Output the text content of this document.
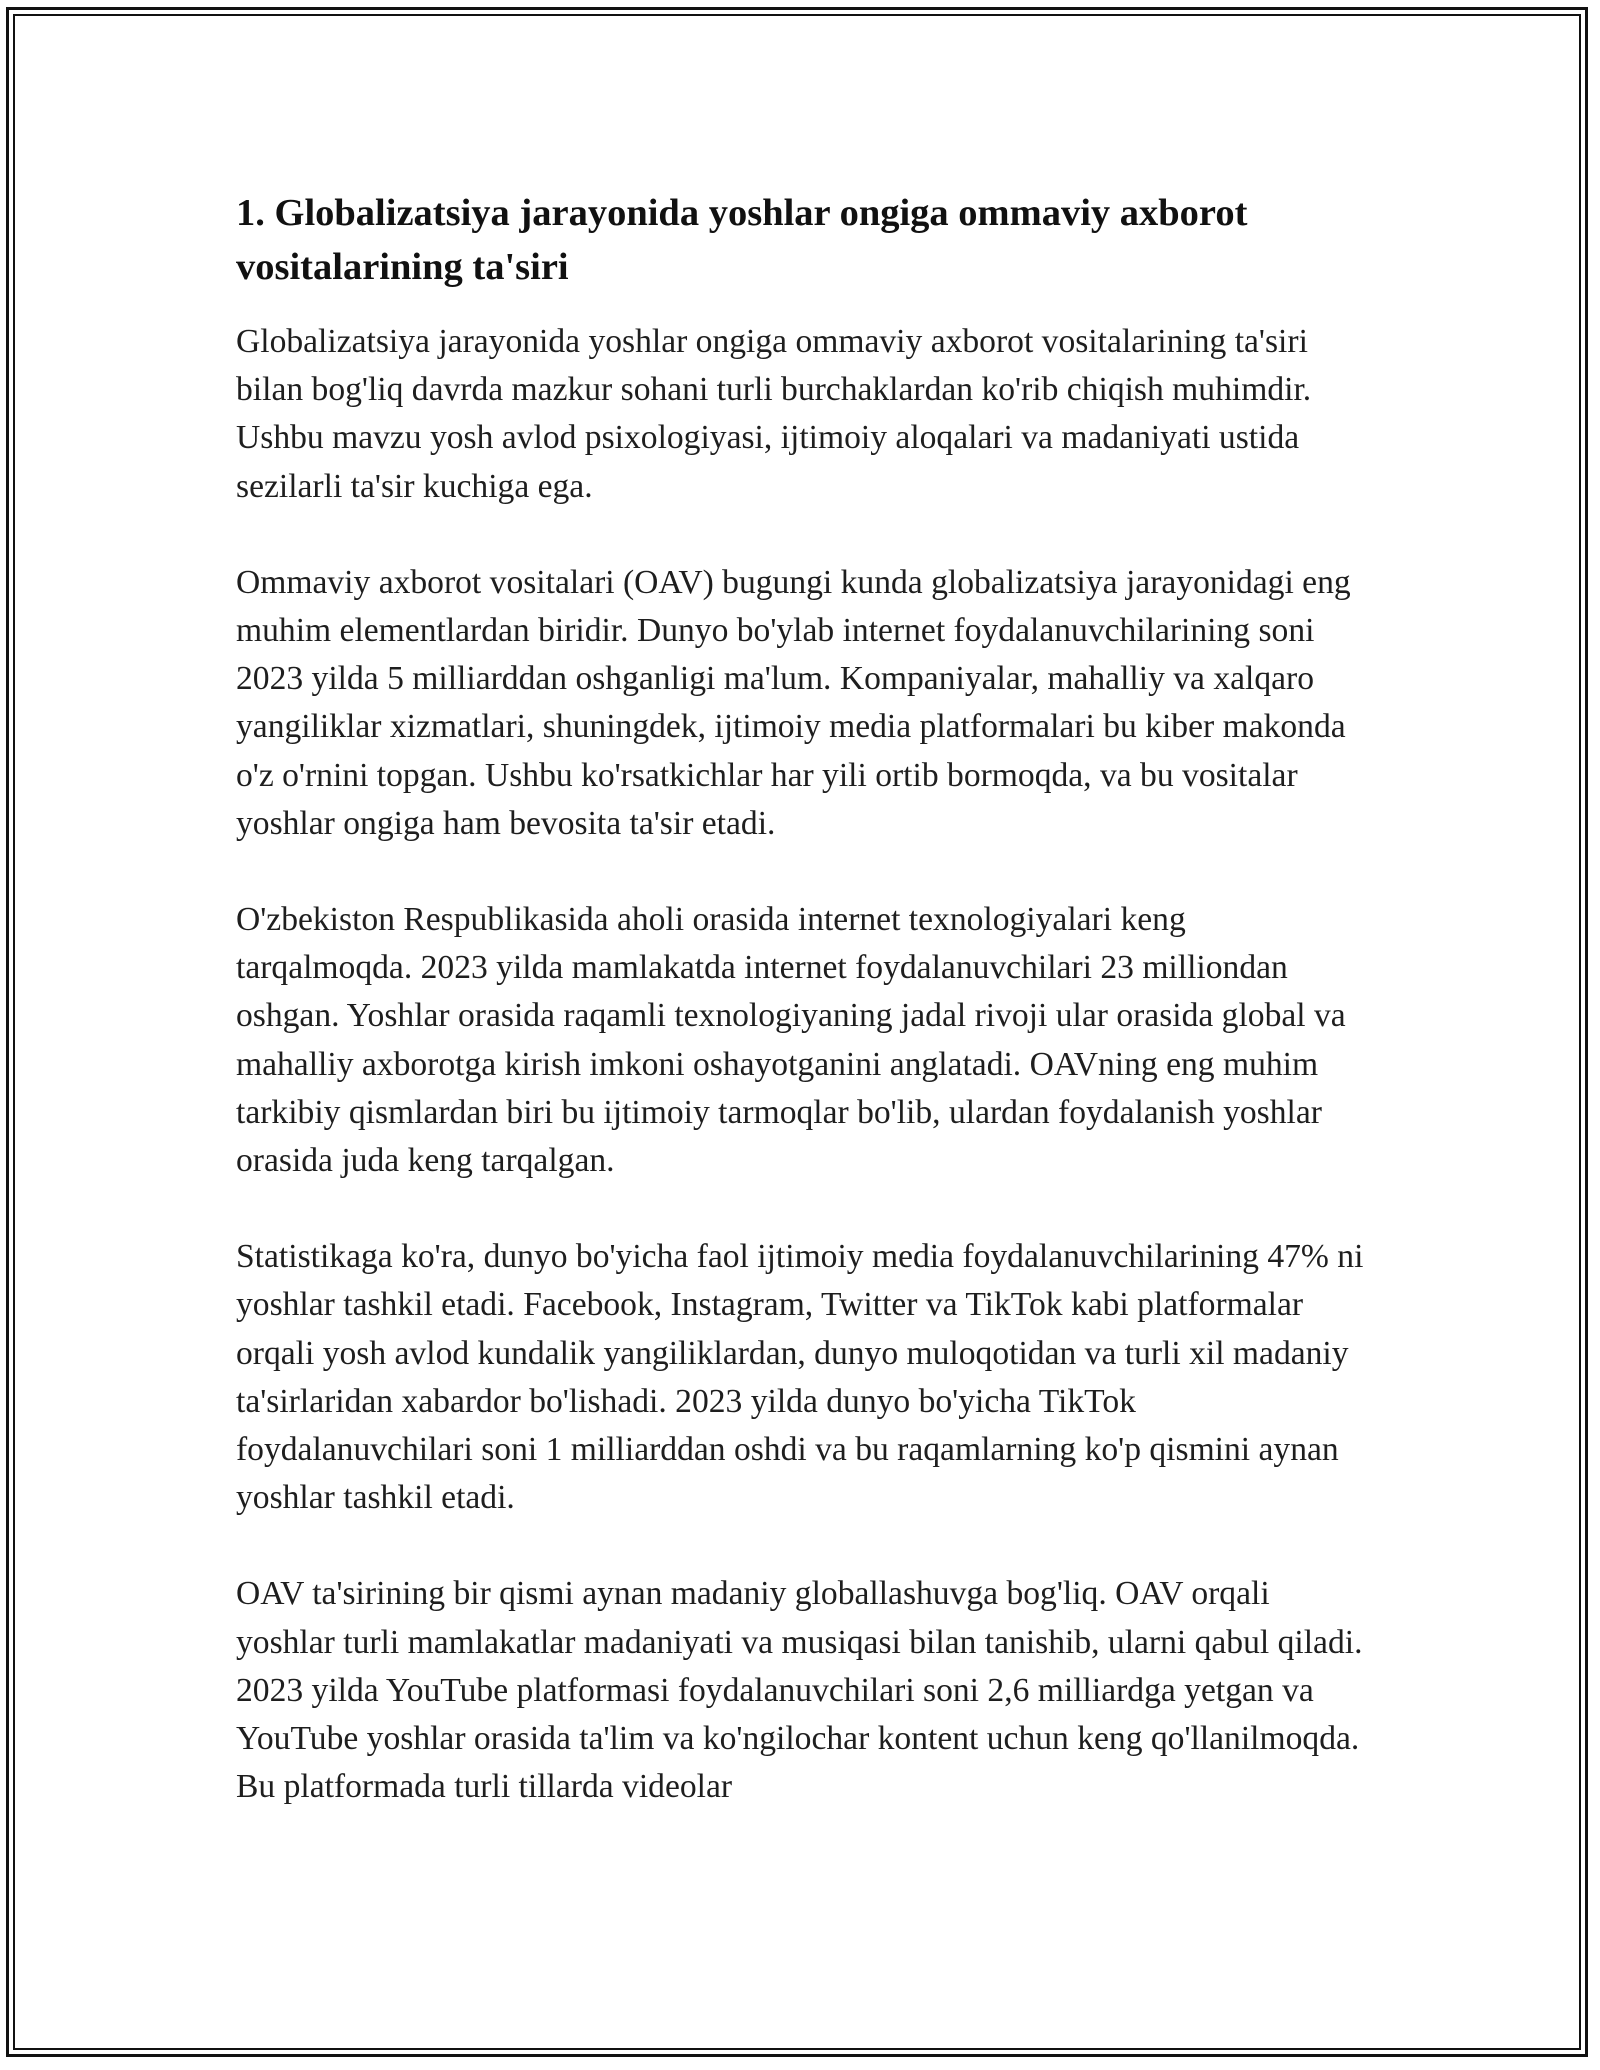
1. Globalizatsiya jarayonida yoshlar ongiga ommaviy axborot vositalarining ta'siri

Globalizatsiya jarayonida yoshlar ongiga ommaviy axborot vositalarining ta'siri bilan bog'liq davrda mazkur sohani turli burchaklardan ko'rib chiqish muhimdir. Ushbu mavzu yosh avlod psixologiyasi, ijtimoiy aloqalari va madaniyati ustida sezilarli ta'sir kuchiga ega.

Ommaviy axborot vositalari (OAV) bugungi kunda globalizatsiya jarayonidagi eng muhim elementlardan biridir. Dunyo bo'ylab internet foydalanuvchilarining soni 2023 yilda 5 milliarddan oshganligi ma'lum. Kompaniyalar, mahalliy va xalqaro yangiliklar xizmatlari, shuningdek, ijtimoiy media platformalari bu kiber makonda o'z o'rnini topgan. Ushbu ko'rsatkichlar har yili ortib bormoqda, va bu vositalar yoshlar ongiga ham bevosita ta'sir etadi.

O'zbekiston Respublikasida aholi orasida internet texnologiyalari keng tarqalmoqda. 2023 yilda mamlakatda internet foydalanuvchilari 23 milliondan oshgan. Yoshlar orasida raqamli texnologiyaning jadal rivoji ular orasida global va mahalliy axborotga kirish imkoni oshayotganini anglatadi. OAVning eng muhim tarkibiy qismlardan biri bu ijtimoiy tarmoqlar bo'lib, ulardan foydalanish yoshlar orasida juda keng tarqalgan.

Statistikaga ko'ra, dunyo bo'yicha faol ijtimoiy media foydalanuvchilarining 47% ni yoshlar tashkil etadi. Facebook, Instagram, Twitter va TikTok kabi platformalar orqali yosh avlod kundalik yangiliklardan, dunyo muloqotidan va turli xil madaniy ta'sirlaridan xabardor bo'lishadi. 2023 yilda dunyo bo'yicha TikTok foydalanuvchilari soni 1 milliarddan oshdi va bu raqamlarning ko'p qismini aynan yoshlar tashkil etadi.

OAV ta'sirining bir qismi aynan madaniy globallashuvga bog'liq. OAV orqali yoshlar turli mamlakatlar madaniyati va musiqasi bilan tanishib, ularni qabul qiladi. 2023 yilda YouTube platformasi foydalanuvchilari soni 2,6 milliardga yetgan va YouTube yoshlar orasida ta'lim va ko'ngilochar kontent uchun keng qo'llanilmoqda. Bu platformada turli tillarda videolar
